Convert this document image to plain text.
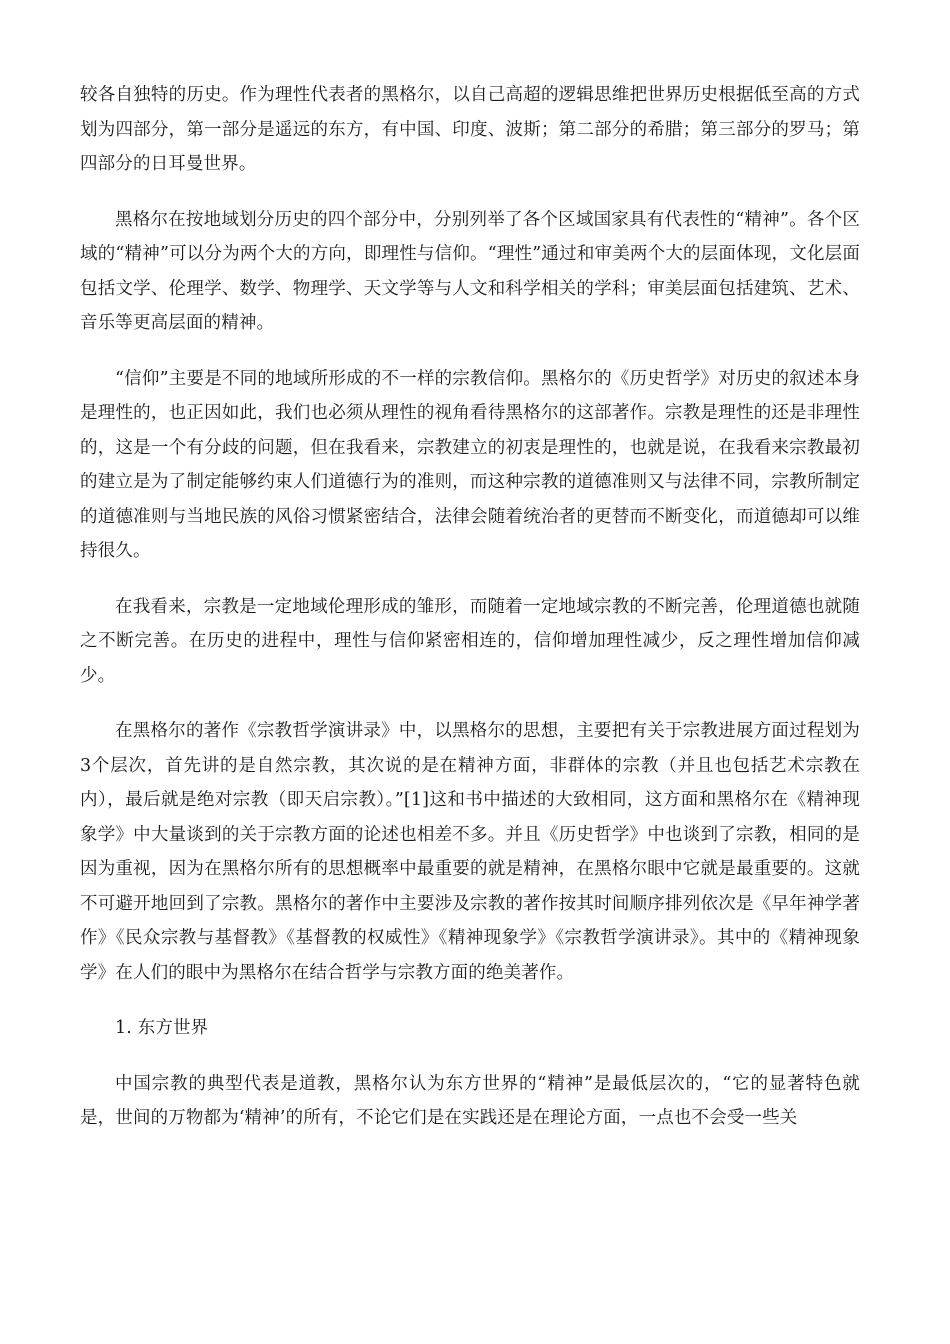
较各自独特的历史。作为理性代表者的黑格尔，以自己高超的逻辑思维把世界历史根据低至高的方式划为四部分，第一部分是遥远的东方，有中国、印度、波斯；第二部分的希腊；第三部分的罗马；第四部分的日耳曼世界。

黑格尔在按地域划分历史的四个部分中，分别列举了各个区域国家具有代表性的“精神”。各个区域的“精神”可以分为两个大的方向，即理性与信仰。“理性”通过和审美两个大的层面体现，文化层面包括文学、伦理学、数学、物理学、天文学等与人文和科学相关的学科；审美层面包括建筑、艺术、音乐等更高层面的精神。

“信仰”主要是不同的地域所形成的不一样的宗教信仰。黑格尔的《历史哲学》对历史的叙述本身是理性的，也正因如此，我们也必须从理性的视角看待黑格尔的这部著作。宗教是理性的还是非理性的，这是一个有分歧的问题，但在我看来，宗教建立的初衷是理性的，也就是说，在我看来宗教最初的建立是为了制定能够约束人们道德行为的准则，而这种宗教的道德准则又与法律不同，宗教所制定的道德准则与当地民族的风俗习惯紧密结合，法律会随着统治者的更替而不断变化，而道德却可以维持很久。

在我看来，宗教是一定地域伦理形成的雏形，而随着一定地域宗教的不断完善，伦理道德也就随之不断完善。在历史的进程中，理性与信仰紧密相连的，信仰增加理性减少，反之理性增加信仰减少。

在黑格尔的著作《宗教哲学演讲录》中，以黑格尔的思想，主要把有关于宗教进展方面过程划为3个层次，首先讲的是自然宗教，其次说的是在精神方面，非群体的宗教（并且也包括艺术宗教在内），最后就是绝对宗教（即天启宗教）。”[1]这和书中描述的大致相同，这方面和黑格尔在《精神现象学》中大量谈到的关于宗教方面的论述也相差不多。并且《历史哲学》中也谈到了宗教，相同的是因为重视，因为在黑格尔所有的思想概率中最重要的就是精神，在黑格尔眼中它就是最重要的。这就不可避开地回到了宗教。黑格尔的著作中主要涉及宗教的著作按其时间顺序排列依次是《早年神学著作》《民众宗教与基督教》《基督教的权威性》《精神现象学》《宗教哲学演讲录》。其中的《精神现象学》在人们的眼中为黑格尔在结合哲学与宗教方面的绝美著作。

1. 东方世界

中国宗教的典型代表是道教，黑格尔认为东方世界的“精神”是最低层次的，“它的显著特色就是，世间的万物都为‘精神’的所有，不论它们是在实践还是在理论方面，一点也不会受一些关
